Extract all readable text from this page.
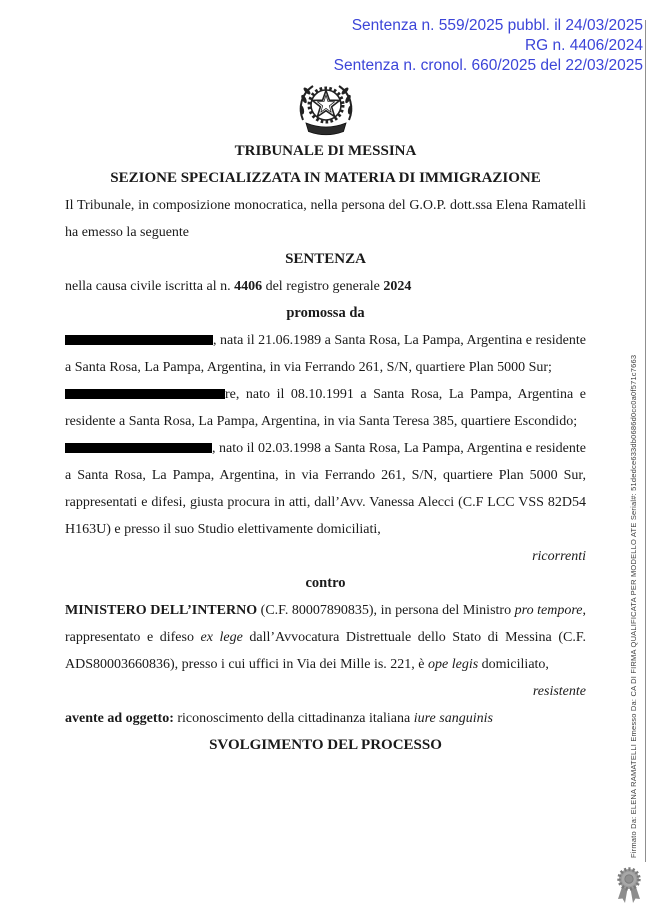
Sentenza n. 559/2025 pubbl. il 24/03/2025
RG n. 4406/2024
Sentenza n. cronol. 660/2025 del 22/03/2025
TRIBUNALE DI MESSINA
SEZIONE SPECIALIZZATA IN MATERIA DI IMMIGRAZIONE

Il Tribunale, in composizione monocratica, nella persona del G.O.P. dott.ssa Elena Ramatelli ha emesso la seguente

SENTENZA

nella causa civile iscritta al n. 4406 del registro generale 2024

promossa da

, nata il 21.06.1989 a Santa Rosa, La Pampa, Argentina e residente a Santa Rosa, La Pampa, Argentina, in via Ferrando 261, S/N, quartiere Plan 5000 Sur;

re, nato il 08.10.1991 a Santa Rosa, La Pampa, Argentina e residente a Santa Rosa, La Pampa, Argentina, in via Santa Teresa 385, quartiere Escondido;

, nato il 02.03.1998 a Santa Rosa, La Pampa, Argentina e residente a Santa Rosa, La Pampa, Argentina, in via Ferrando 261, S/N, quartiere Plan 5000 Sur, rappresentati e difesi, giusta procura in atti, dall’Avv. Vanessa Alecci (C.F LCC VSS 82D54 H163U) e presso il suo Studio elettivamente domiciliati,

ricorrenti

contro

MINISTERO DELL’INTERNO (C.F. 80007890835), in persona del Ministro pro tempore, rappresentato e difeso ex lege dall’Avvocatura Distrettuale dello Stato di Messina (C.F. ADS80003660836), presso i cui uffici in Via dei Mille is. 221, è ope legis domiciliato,

resistente

avente ad oggetto: riconoscimento della cittadinanza italiana iure sanguinis

SVOLGIMENTO DEL PROCESSO	Firmato Da: ELENA RAMATELLI Emesso Da: CA DI FIRMA QUALIFICATA PER MODELLO ATE Serial#: 51dedce633db0686d0cc0a0f571c7663
